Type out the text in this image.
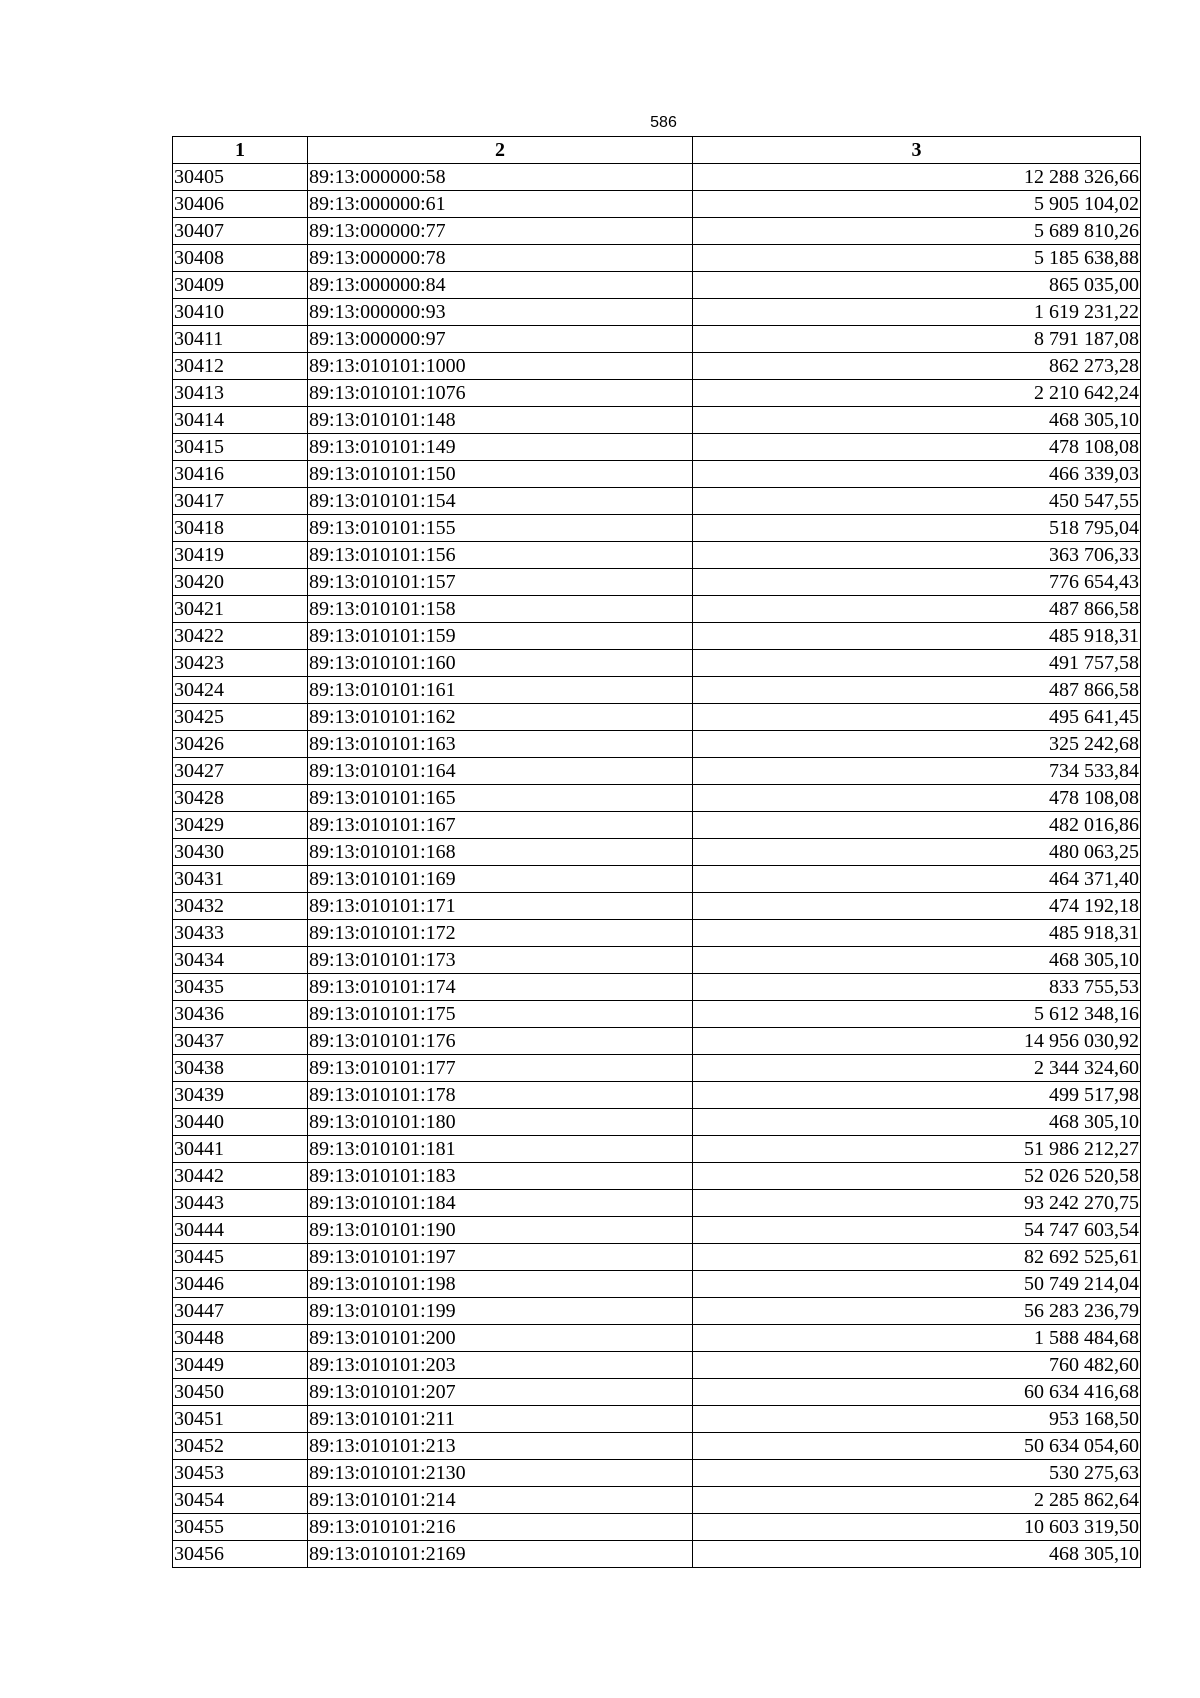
586
1	2	3
30405	89:13:000000:58	12 288 326,66
30406	89:13:000000:61	5 905 104,02
30407	89:13:000000:77	5 689 810,26
30408	89:13:000000:78	5 185 638,88
30409	89:13:000000:84	865 035,00
30410	89:13:000000:93	1 619 231,22
30411	89:13:000000:97	8 791 187,08
30412	89:13:010101:1000	862 273,28
30413	89:13:010101:1076	2 210 642,24
30414	89:13:010101:148	468 305,10
30415	89:13:010101:149	478 108,08
30416	89:13:010101:150	466 339,03
30417	89:13:010101:154	450 547,55
30418	89:13:010101:155	518 795,04
30419	89:13:010101:156	363 706,33
30420	89:13:010101:157	776 654,43
30421	89:13:010101:158	487 866,58
30422	89:13:010101:159	485 918,31
30423	89:13:010101:160	491 757,58
30424	89:13:010101:161	487 866,58
30425	89:13:010101:162	495 641,45
30426	89:13:010101:163	325 242,68
30427	89:13:010101:164	734 533,84
30428	89:13:010101:165	478 108,08
30429	89:13:010101:167	482 016,86
30430	89:13:010101:168	480 063,25
30431	89:13:010101:169	464 371,40
30432	89:13:010101:171	474 192,18
30433	89:13:010101:172	485 918,31
30434	89:13:010101:173	468 305,10
30435	89:13:010101:174	833 755,53
30436	89:13:010101:175	5 612 348,16
30437	89:13:010101:176	14 956 030,92
30438	89:13:010101:177	2 344 324,60
30439	89:13:010101:178	499 517,98
30440	89:13:010101:180	468 305,10
30441	89:13:010101:181	51 986 212,27
30442	89:13:010101:183	52 026 520,58
30443	89:13:010101:184	93 242 270,75
30444	89:13:010101:190	54 747 603,54
30445	89:13:010101:197	82 692 525,61
30446	89:13:010101:198	50 749 214,04
30447	89:13:010101:199	56 283 236,79
30448	89:13:010101:200	1 588 484,68
30449	89:13:010101:203	760 482,60
30450	89:13:010101:207	60 634 416,68
30451	89:13:010101:211	953 168,50
30452	89:13:010101:213	50 634 054,60
30453	89:13:010101:2130	530 275,63
30454	89:13:010101:214	2 285 862,64
30455	89:13:010101:216	10 603 319,50
30456	89:13:010101:2169	468 305,10
